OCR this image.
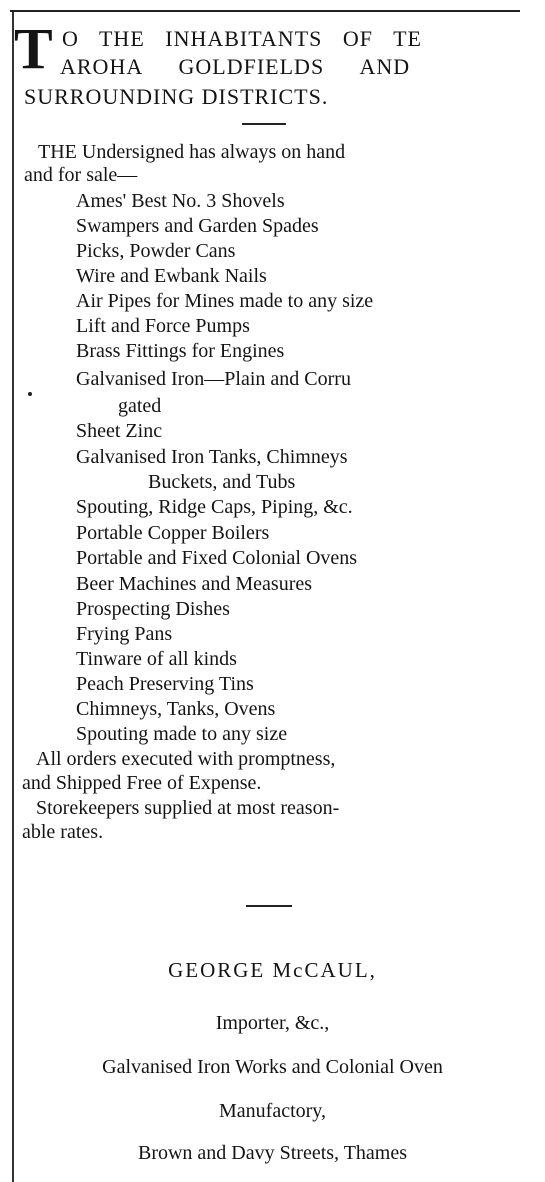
T O THE INHABITANTS OF TE
AROHA GOLDFIELDS AND
SURROUNDING DISTRICTS.
THE Undersigned has always on hand
and for sale—
Ames' Best No. 3 Shovels
Swampers and Garden Spades
Picks, Powder Cans
Wire and Ewbank Nails
Air Pipes for Mines made to any size
Lift and Force Pumps
Brass Fittings for Engines
Galvanised Iron—Plain and Corru
gated
Sheet Zinc
Galvanised Iron Tanks, Chimneys
Buckets, and Tubs
Spouting, Ridge Caps, Piping, &c.
Portable Copper Boilers
Portable and Fixed Colonial Ovens
Beer Machines and Measures
Prospecting Dishes
Frying Pans
Tinware of all kinds
Peach Preserving Tins
Chimneys, Tanks, Ovens
Spouting made to any size
All orders executed with promptness,
and Shipped Free of Expense.
Storekeepers supplied at most reason-
able rates.
GEORGE McCAUL,
Importer, &c.,
Galvanised Iron Works and Colonial Oven
Manufactory,
Brown and Davy Streets, Thames
